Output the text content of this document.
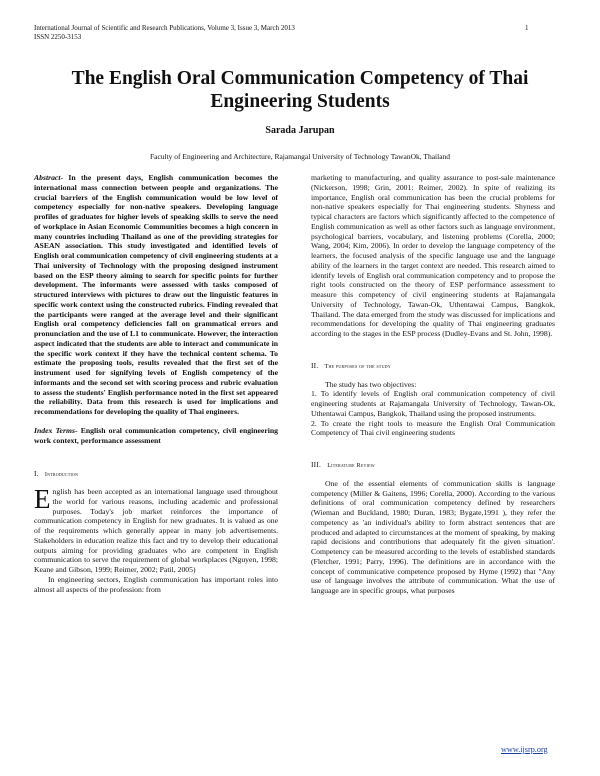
International Journal of Scientific and Research Publications, Volume 3, Issue 3, March 2013
ISSN 2250-3153
1
The English Oral Communication Competency of Thai Engineering Students
Sarada Jarupan
Faculty of Engineering and Architecture, Rajamangal University of Technology TawanOk, Thailand

Abstract- In the present days, English communication becomes the international mass connection between people and organizations. The crucial barriers of the English communication would be low level of competency especially for non-native speakers. Developing language profiles of graduates for higher levels of speaking skills to serve the need of workplace in Asian Economic Communities becomes a high concern in many countries including Thailand as one of the providing strategies for ASEAN association. This study investigated and identified levels of English oral communication competency of civil engineering students at a Thai university of Technology with the proposing designed instrument based on the ESP theory aiming to search for specific points for further development. The informants were assessed with tasks composed of structured interviews with pictures to draw out the linguistic features in specific work context using the constructed rubrics. Finding revealed that the participants were ranged at the average level and their significant English oral competency deficiencies fall on grammatical errors and pronunciation and the use of L1 to communicate. However, the interaction aspect indicated that the students are able to interact and communicate in the specific work context if they have the technical content schema. To estimate the proposing tools, results revealed that the first set of the instrument used for signifying levels of English competency of the informants and the second set with scoring process and rubric evaluation to assess the students' English performance noted in the first set appeared the reliability. Data from this research is used for implications and recommendations for developing the quality of Thai engineers.

Index Terms- English oral communication competency, civil engineering work context, performance assessment

I. Introduction

English has been accepted as an international language used throughout the world for various reasons, including academic and professional purposes. Today's job market reinforces the importance of communication competency in English for new graduates. It is valued as one of the requirements which generally appear in many job advertisements. Stakeholders in education realize this fact and try to develop their educational outputs aiming for providing graduates who are competent in English communication to serve the requirement of global workplaces (Nguyen, 1998; Keane and Gibson, 1999; Reimer, 2002; Patil, 2005)

In engineering sectors, English communication has important roles into almost all aspects of the profession: from

marketing to manufacturing, and quality assurance to post-sale maintenance (Nickerson, 1998; Grin, 2001: Reimer, 2002). In spite of realizing its importance, English oral communication has been the crucial problems for non-native speakers especially for Thai engineering students. Shyness and typical characters are factors which significantly affected to the competence of English communication as well as other factors such as language environment, psychological barriers, vocabulary, and listening problems (Corella, 2000; Wang, 2004; Kim, 2006). In order to develop the language competency of the learners, the focused analysis of the specific language use and the language ability of the learners in the target context are needed. This research aimed to identify levels of English oral communication competency and to propose the right tools constructed on the theory of ESP performance assessment to measure this competency of civil engineering students at Rajamangala University of Technology, Tawan-Ok, Uthentawai Campus, Bangkok, Thailand. The data emerged from the study was discussed for implications and recommendations for developing the quality of Thai engineering graduates according to the stages in the ESP process (Dudley-Evans and St. John, 1998).

II. The purposes of the study

The study has two objectives:

1. To identify levels of English oral communication competency of civil engineering students at Rajamangala University of Technology, Tawan-Ok, Uthentawai Campus, Bangkok, Thailand using the proposed instruments.

2. To create the right tools to measure the English Oral Communication Competency of Thai civil engineering students

III. Literature Review

One of the essential elements of communication skills is language competency (Miller & Gaitens, 1996; Corella, 2000). According to the various definitions of oral communication competency defined by researchers (Wieman and Buckland, 1980; Duran, 1983; Bygate,1991 ), they refer the competency as 'an individual's ability to form abstract sentences that are produced and adapted to circumstances at the moment of speaking, by making rapid decisions and contributions that adequately fit the given situation'. Competency can be measured according to the levels of established standards (Fletcher, 1991; Parry, 1996). The definitions are in accordance with the concept of communicative competence proposed by Hyme (1992) that "Any use of language involves the attribute of communication. What the use of language are in specific groups, what purposes

www.ijsrp.org
